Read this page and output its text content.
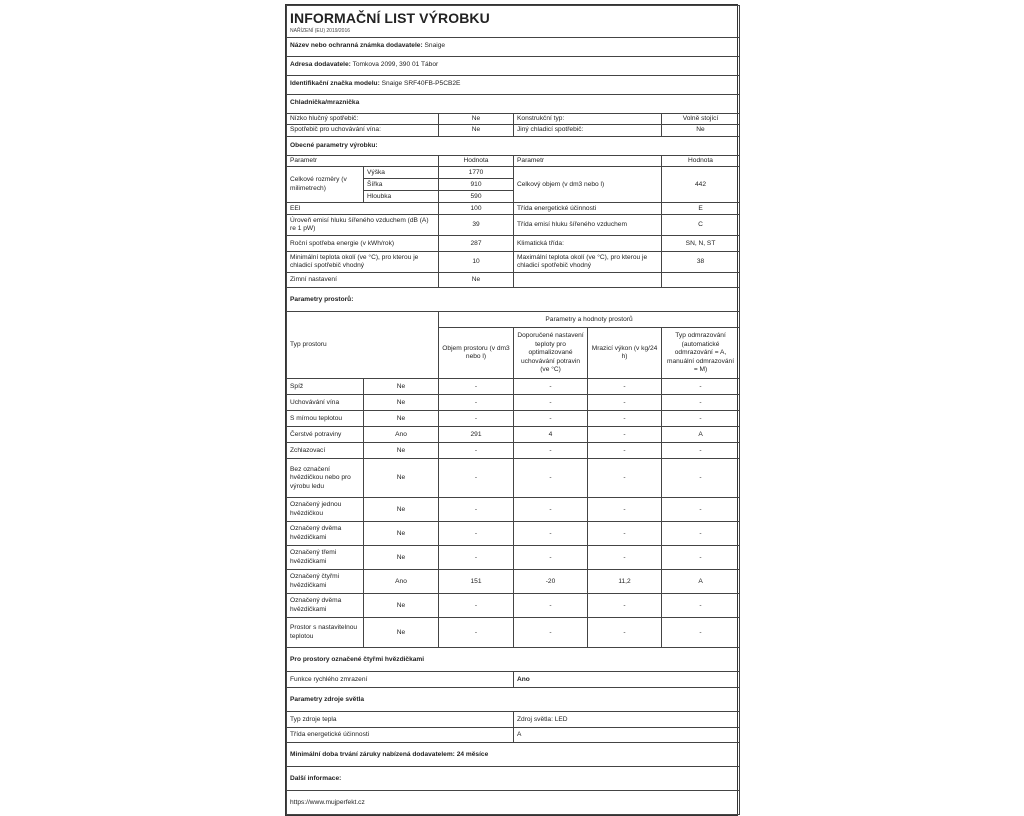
INFORMAČNÍ LIST VÝROBKU
NAŘÍZENÍ (EU) 2019/2016					

Název nebo ochranná známka dodavatele: Snaige					
Adresa dodavatele: Tomkova 2099, 390 01 Tábor					
Identifikační značka modelu: Snaige SRF40FB-P5CB2E					
Chladnička/mraznička					
Nízko hlučný spotřebič:		Ne	Konstrukční typ:		Volně stojící
Spotřebič pro uchovávání vína:		Ne	Jiný chladicí spotřebič:		Ne
Obecné parametry výrobku:					
Parametr		Hodnota	Parametr		Hodnota
Celkové rozměry (v milimetrech)	Výška	1770	Celkový objem (v dm3 nebo l)		442
	Šířka	910			
	Hloubka	590			
EEI		100	Třída energetické účinnosti		E
Úroveň emisí hluku šířeného vzduchem (dB (A) re 1 pW)		39	Třída emisí hluku šířeného vzduchem		C
Roční spotřeba energie (v kWh/rok)		287	Klimatická třída:		SN, N, ST
Minimální teplota okolí (ve °C), pro kterou je chladicí spotřebič vhodný		10	Maximální teplota okolí (ve °C), pro kterou je chladicí spotřebič vhodný		38
Zimní nastavení		Ne			
Parametry prostorů:					
Typ prostoru		Parametry a hodnoty prostorů			
		Objem prostoru (v dm3 nebo l)	Doporučené nastavení teploty pro optimalizované uchovávání potravin (ve °C)	Mrazicí výkon (v kg/24 h)	Typ odmrazování (automatické odmrazování = A, manuální odmrazování = M)
Spíž	Ne	-	-	-	-
Uchovávání vína	Ne	-	-	-	-
S mírnou teplotou	Ne	-	-	-	-
Čerstvé potraviny	Ano	291	4	-	A
Zchlazovací	Ne	-	-	-	-
Bez označení hvězdičkou nebo pro výrobu ledu	Ne	-	-	-	-
Označený jednou hvězdičkou	Ne	-	-	-	-
Označený dvěma hvězdičkami	Ne	-	-	-	-
Označený třemi hvězdičkami	Ne	-	-	-	-
Označený čtyřmi hvězdičkami	Ano	151	-20	11,2	A
Označený dvěma hvězdičkami	Ne	-	-	-	-
Prostor s nastavitelnou teplotou	Ne	-	-	-	-
Pro prostory označené čtyřmi hvězdičkami					
Funkce rychlého zmrazení			Ano		
Parametry zdroje světla					
Typ zdroje tepla			Zdroj světla: LED		
Třída energetické účinnosti			A		
Minimální doba trvání záruky nabízená dodavatelem: 24 měsíce					
Další informace:					
https://www.mujperfekt.cz					
